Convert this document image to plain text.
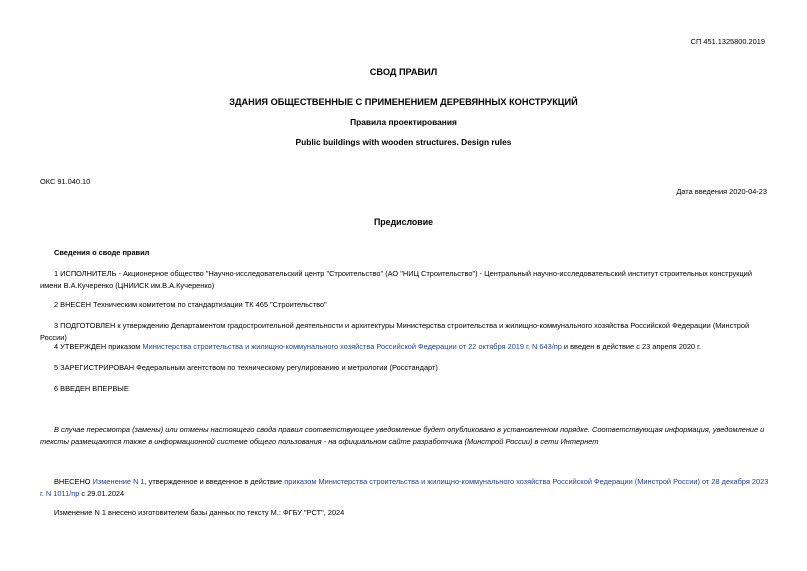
СП 451.1325800.2019
СВОД ПРАВИЛ
ЗДАНИЯ ОБЩЕСТВЕННЫЕ С ПРИМЕНЕНИЕМ ДЕРЕВЯННЫХ КОНСТРУКЦИЙ
Правила проектирования
Public buildings with wooden structures. Design rules
ОКС 91.040.10
Дата введения 2020-04-23
Предисловие
Сведения о своде правил
1 ИСПОЛНИТЕЛЬ - Акционерное общество "Научно-исследовательский центр "Строительство" (АО "НИЦ Строительство") - Центральный научно-исследовательский институт строительных конструкций имени В.А.Кучеренко (ЦНИИСК им.В.А.Кучеренко)
2 ВНЕСЕН Техническим комитетом по стандартизации ТК 465 "Строительство"
3 ПОДГОТОВЛЕН к утверждению Департаментом градостроительной деятельности и архитектуры Министерства строительства и жилищно-коммунального хозяйства Российской Федерации (Минстрой России)
4 УТВЕРЖДЕН приказом Министерства строительства и жилищно-коммунального хозяйства Российской Федерации от 22 октября 2019 г. N 643/пр и введен в действие с 23 апреля 2020 г.
5 ЗАРЕГИСТРИРОВАН Федеральным агентством по техническому регулированию и метрологии (Росстандарт)
6 ВВЕДЕН ВПЕРВЫЕ
В случае пересмотра (замены) или отмены настоящего свода правил соответствующее уведомление будет опубликовано в установленном порядке. Соответствующая информация, уведомление и тексты размещаются также в информационной системе общего пользования - на официальном сайте разработчика (Минстрой России) в сети Интернет
ВНЕСЕНО Изменение N 1, утвержденное и введенное в действие приказом Министерства строительства и жилищно-коммунального хозяйства Российской Федерации (Минстрой России) от 28 декабря 2023 г. N 1011/пр с 29.01.2024
Изменение N 1 внесено изготовителем базы данных по тексту М.: ФГБУ "РСТ", 2024
